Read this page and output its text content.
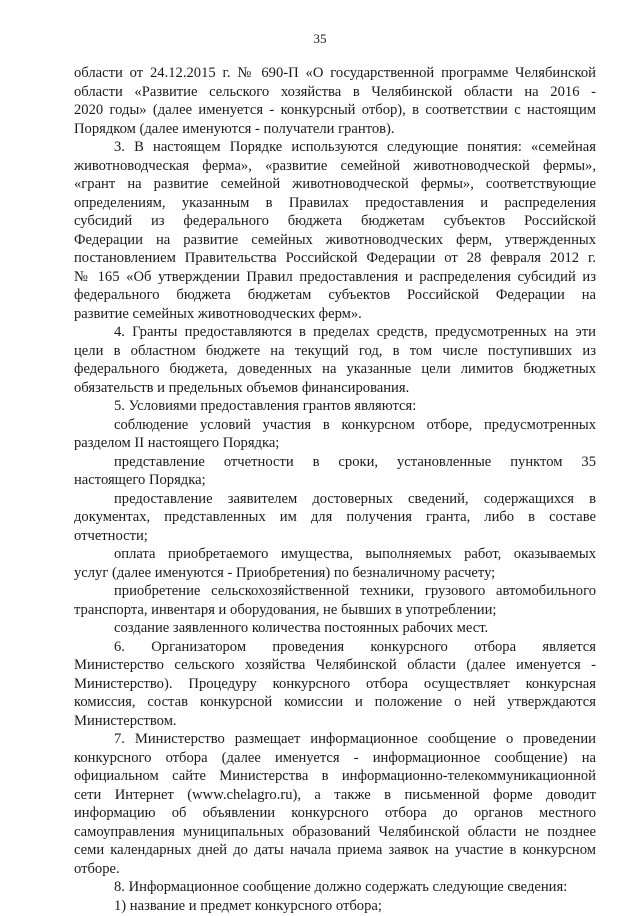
35
области от 24.12.2015 г. № 690-П «О государственной программе Челябинской
области «Развитие сельского хозяйства в Челябинской области на 2016 -
2020 годы» (далее именуется - конкурсный отбор), в соответствии с настоящим
Порядком (далее именуются - получатели грантов).
3. В настоящем Порядке используются следующие понятия: «семейная
животноводческая ферма», «развитие семейной животноводческой фермы»,
«грант на развитие семейной животноводческой фермы», соответствующие
определениям, указанным в Правилах предоставления и распределения
субсидий из федерального бюджета бюджетам субъектов Российской
Федерации на развитие семейных животноводческих ферм, утвержденных
постановлением Правительства Российской Федерации от 28 февраля 2012 г.
№ 165 «Об утверждении Правил предоставления и распределения субсидий из
федерального бюджета бюджетам субъектов Российской Федерации на
развитие семейных животноводческих ферм».
4. Гранты предоставляются в пределах средств, предусмотренных на эти
цели в областном бюджете на текущий год, в том числе поступивших из
федерального бюджета, доведенных на указанные цели лимитов бюджетных
обязательств и предельных объемов финансирования.
5. Условиями предоставления грантов являются:
соблюдение условий участия в конкурсном отборе, предусмотренных
разделом II настоящего Порядка;
представление отчетности в сроки, установленные пунктом 35
настоящего Порядка;
предоставление заявителем достоверных сведений, содержащихся в
документах, представленных им для получения гранта, либо в составе
отчетности;
оплата приобретаемого имущества, выполняемых работ, оказываемых
услуг (далее именуются - Приобретения) по безналичному расчету;
приобретение сельскохозяйственной техники, грузового автомобильного
транспорта, инвентаря и оборудования, не бывших в употреблении;
создание заявленного количества постоянных рабочих мест.
6. Организатором проведения конкурсного отбора является
Министерство сельского хозяйства Челябинской области (далее именуется -
Министерство). Процедуру конкурсного отбора осуществляет конкурсная
комиссия, состав конкурсной комиссии и положение о ней утверждаются
Министерством.
7. Министерство размещает информационное сообщение о проведении
конкурсного отбора (далее именуется - информационное сообщение) на
официальном сайте Министерства в информационно-телекоммуникационной
сети Интернет (www.chelagro.ru), а также в письменной форме доводит
информацию об объявлении конкурсного отбора до органов местного
самоуправления муниципальных образований Челябинской области не позднее
семи календарных дней до даты начала приема заявок на участие в конкурсном
отборе.
8. Информационное сообщение должно содержать следующие сведения:
1) название и предмет конкурсного отбора;
